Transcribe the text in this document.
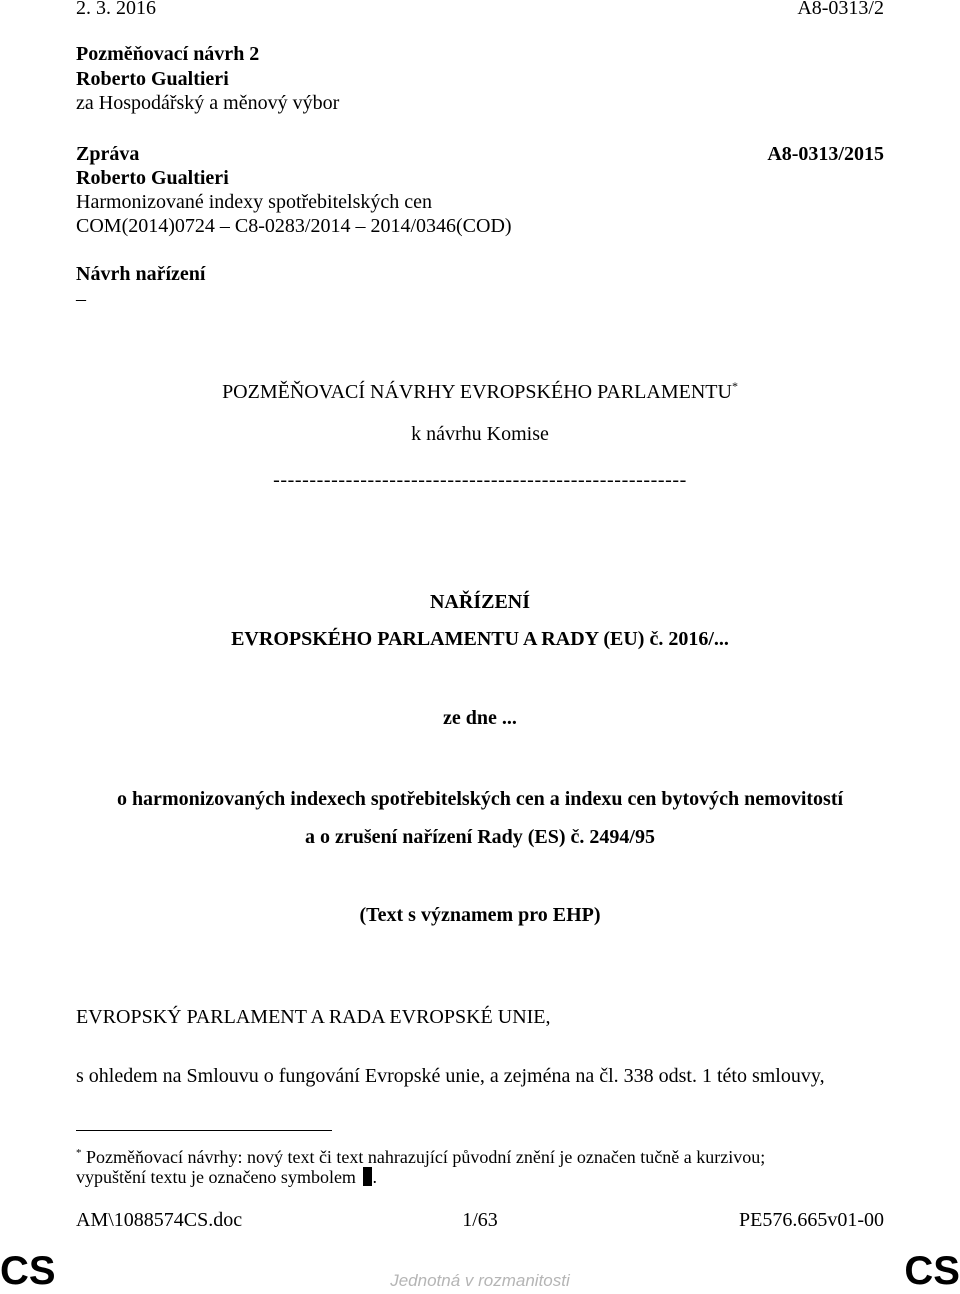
2. 3. 2016	A8-0313/2
Pozměňovací návrh 2
Roberto Gualtieri
za Hospodářský a měnový výbor
Zpráva	A8-0313/2015
Roberto Gualtieri
Harmonizované indexy spotřebitelských cen
COM(2014)0724 – C8-0283/2014 – 2014/0346(COD)
Návrh nařízení
–
POZMĚŇOVACÍ NÁVRHY EVROPSKÉHO PARLAMENTU*
k návrhu Komise
---------------------------------------------------------
NAŘÍZENÍ
EVROPSKÉHO PARLAMENTU A RADY (EU) č. 2016/...
ze dne ...
o harmonizovaných indexech spotřebitelských cen a indexu cen bytových nemovitostí
a o zrušení nařízení Rady (ES) č. 2494/95
(Text s významem pro EHP)
EVROPSKÝ PARLAMENT A RADA EVROPSKÉ UNIE,
s ohledem na Smlouvu o fungování Evropské unie, a zejména na čl. 338 odst. 1 této smlouvy,
* Pozměňovací návrhy: nový text či text nahrazující původní znění je označen tučně a kurzivou;
vypuštění textu je označeno symbolem .
AM\1088574CS.doc	1/63	PE576.665v01-00
CS	CS
Jednotná v rozmanitosti
